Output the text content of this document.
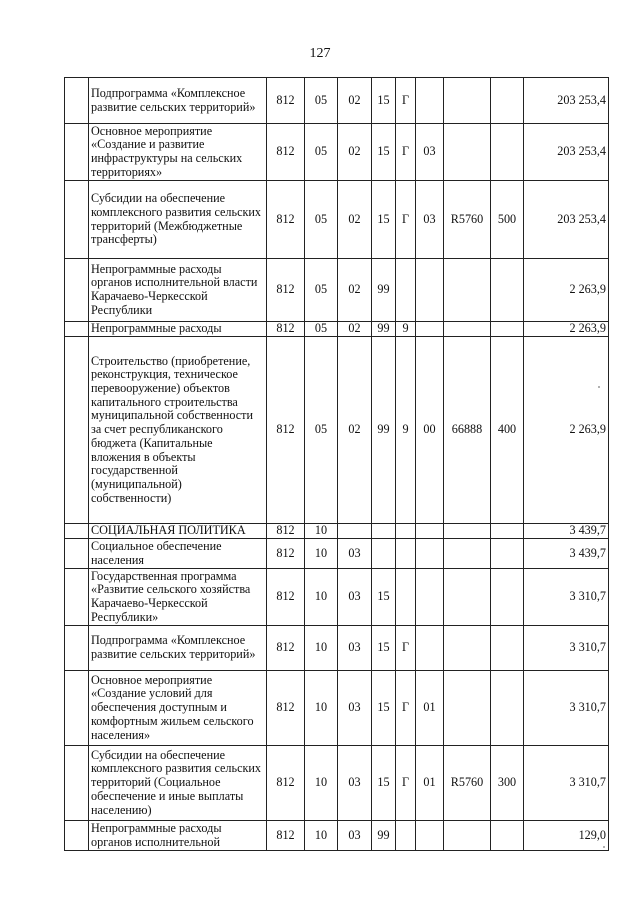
127
	Подпрограмма «Комплексное развитие сельских территорий»	812	05	02	15	Г				203 253,4
	Основное мероприятие «Создание и развитие инфраструктуры на сельских территориях»	812	05	02	15	Г	03			203 253,4
	Субсидии на обеспечение комплексного развития сельских территорий (Межбюджетные трансферты)	812	05	02	15	Г	03	R5760	500	203 253,4
	Непрограммные расходы органов исполнительной власти Карачаево-Черкесской Республики	812	05	02	99					2 263,9
	Непрограммные расходы	812	05	02	99	9				2 263,9
	Строительство (приобретение, реконструкция, техническое перевооружение) объектов капитального строительства муниципальной собственности за счет республиканского бюджета (Капитальные вложения в объекты государственной (муниципальной) собственности)	812	05	02	99	9	00	66888	400	2 263,9
	СОЦИАЛЬНАЯ ПОЛИТИКА	812	10							3 439,7
	Социальное обеспечение населения	812	10	03						3 439,7
	Государственная программа «Развитие сельского хозяйства Карачаево-Черкесской Республики»	812	10	03	15					3 310,7
	Подпрограмма «Комплексное развитие сельских территорий»	812	10	03	15	Г				3 310,7
	Основное мероприятие «Создание условий для обеспечения доступным и комфортным жильем сельского населения»	812	10	03	15	Г	01			3 310,7
	Субсидии на обеспечение комплексного развития сельских территорий (Социальное обеспечение и иные выплаты населению)	812	10	03	15	Г	01	R5760	300	3 310,7
	Непрограммные расходы органов исполнительной	812	10	03	99					129,0
